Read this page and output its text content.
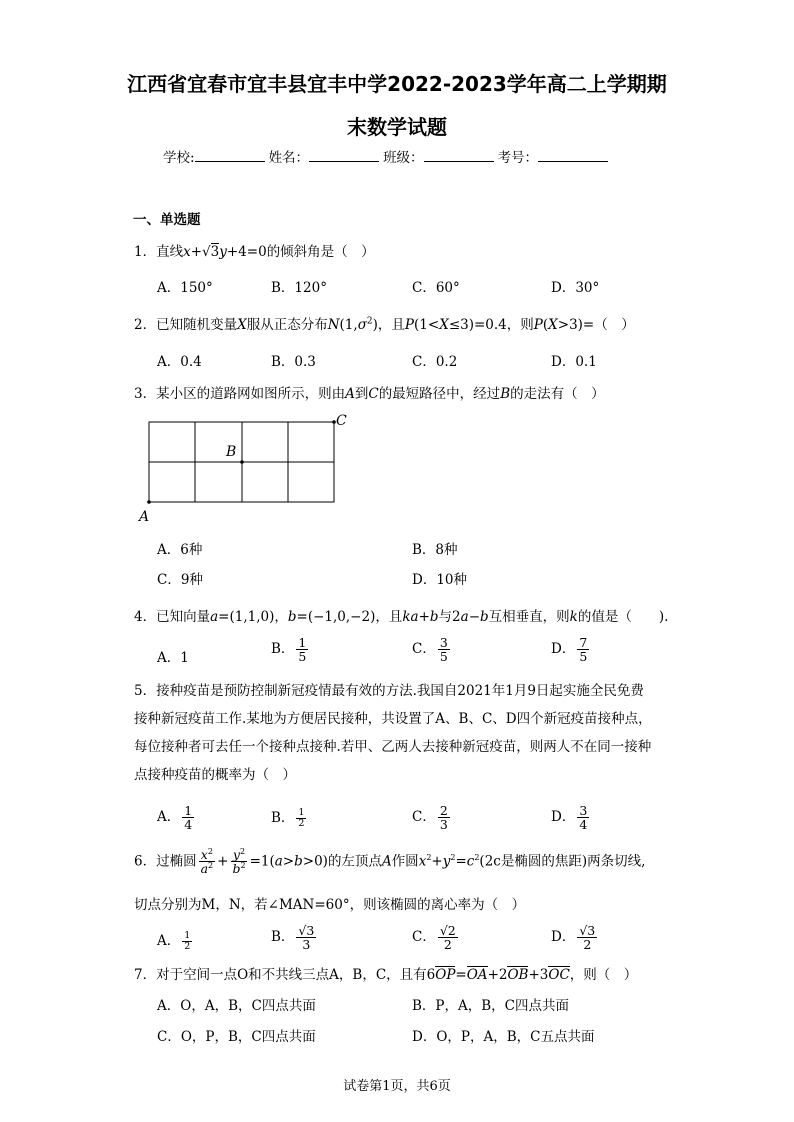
江西省宜春市宜丰县宜丰中学2022-2023学年高二上学期期
末数学试题
学校:	姓名：	班级：	考号：
一、单选题
1．直线x+√3y+4=0的倾斜角是（　）
A．150°	B．120°	C．60°	D．30°
2．已知随机变量X服从正态分布$N(1,\sigma^2)$，且P(1<X≤3)=0.4，则P(X>3)=（　）
A．0.4	B．0.3	C．0.2	D．0.1
3．某小区的道路网如图所示，则由A到C的最短路径中，经过B的走法有（　）
A
B
C
A．6种	B．8种
C．9种	D．10种
4．已知向量a=(1,1,0)，b=(−1,0,−2)，且ka+b与2a−b互相垂直，则k的值是（　　).
A．1
B． $\frac{1}{5}$	C． $\frac{3}{5}$	D． $\frac{7}{5}$
5．接种疫苗是预防控制新冠疫情最有效的方法.我国自2021年1月9日起实施全民免费
接种新冠疫苗工作.某地为方便居民接种，共设置了A、B、C、D四个新冠疫苗接种点，
每位接种者可去任一个接种点接种.若甲、乙两人去接种新冠疫苗，则两人不在同一接种
点接种疫苗的概率为（　）
A． $\frac{1}{4}$	B． $\frac{1}{2}$	C． $\frac{2}{3}$	D． $\frac{3}{4}$
6．过椭圆 $\frac{x^2}{a^2} + \frac{y^2}{b^2} =1(a>b>0)$的左顶点A作圆$x^2+y^2=c^2(2c$是椭圆的焦距)两条切线,
切点分别为M，N，若∠MAN=60°，则该椭圆的离心率为（　）
A． $\frac{1}{2}$	B． $\frac{√3}{3}$	C． $\frac{√2}{2}$	D． $\frac{√3}{2}$
7．对于空间一点O和不共线三点A，B，C，且有6OP=OA+2OB+3OC，则（　）
A．O，A，B，C四点共面	B．P，A，B，C四点共面
C．O，P，B，C四点共面	D．O，P，A，B，C五点共面
试卷第1页，共6页
